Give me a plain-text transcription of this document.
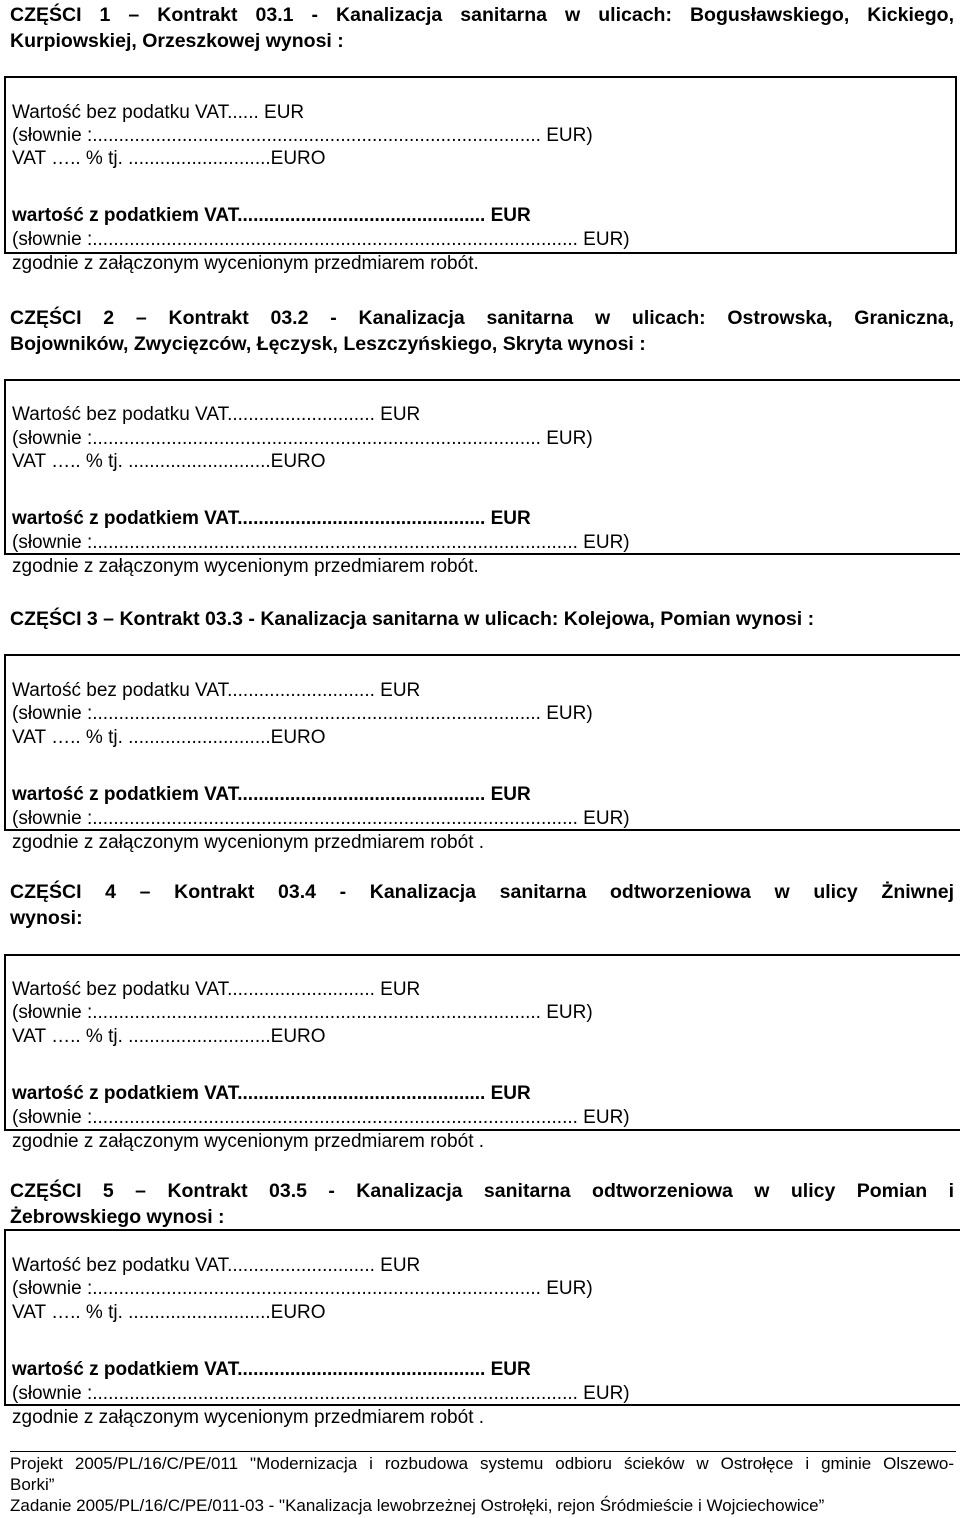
CZĘŚCI 1 – Kontrakt 03.1 - Kanalizacja sanitarna w ulicach: Bogusławskiego, Kickiego,
Kurpiowskiej, Orzeszkowej wynosi :
Wartość bez podatku VAT...... EUR
(słownie :..................................................................................... EUR)
VAT ….. % tj. ...........................EURO
wartość z podatkiem VAT............................................... EUR
(słownie :............................................................................................ EUR)
zgodnie z załączonym wycenionym przedmiarem robót.
CZĘŚCI 2 – Kontrakt 03.2 - Kanalizacja sanitarna w ulicach: Ostrowska, Graniczna,
Bojowników, Zwycięzców, Łęczysk, Leszczyńskiego, Skryta wynosi :
Wartość bez podatku VAT............................ EUR
(słownie :..................................................................................... EUR)
VAT ….. % tj. ...........................EURO
wartość z podatkiem VAT............................................... EUR
(słownie :............................................................................................ EUR)
zgodnie z załączonym wycenionym przedmiarem robót.
CZĘŚCI 3 – Kontrakt 03.3 - Kanalizacja sanitarna w ulicach: Kolejowa, Pomian wynosi :
Wartość bez podatku VAT............................ EUR
(słownie :..................................................................................... EUR)
VAT ….. % tj. ...........................EURO
wartość z podatkiem VAT............................................... EUR
(słownie :............................................................................................ EUR)
zgodnie z załączonym wycenionym przedmiarem robót .
CZĘŚCI 4 – Kontrakt 03.4 - Kanalizacja sanitarna odtworzeniowa w ulicy Żniwnej
wynosi:
Wartość bez podatku VAT............................ EUR
(słownie :..................................................................................... EUR)
VAT ….. % tj. ...........................EURO
wartość z podatkiem VAT............................................... EUR
(słownie :............................................................................................ EUR)
zgodnie z załączonym wycenionym przedmiarem robót .
CZĘŚCI 5 – Kontrakt 03.5 - Kanalizacja sanitarna odtworzeniowa w ulicy Pomian i
Żebrowskiego wynosi :
Wartość bez podatku VAT............................ EUR
(słownie :..................................................................................... EUR)
VAT ….. % tj. ...........................EURO
wartość z podatkiem VAT............................................... EUR
(słownie :............................................................................................ EUR)
zgodnie z załączonym wycenionym przedmiarem robót .
Projekt 2005/PL/16/C/PE/011 "Modernizacja i rozbudowa systemu odbioru ścieków w Ostrołęce i gminie Olszewo-
Borki”
Zadanie 2005/PL/16/C/PE/011-03 - "Kanalizacja lewobrzeżnej Ostrołęki, rejon Śródmieście i Wojciechowice”
